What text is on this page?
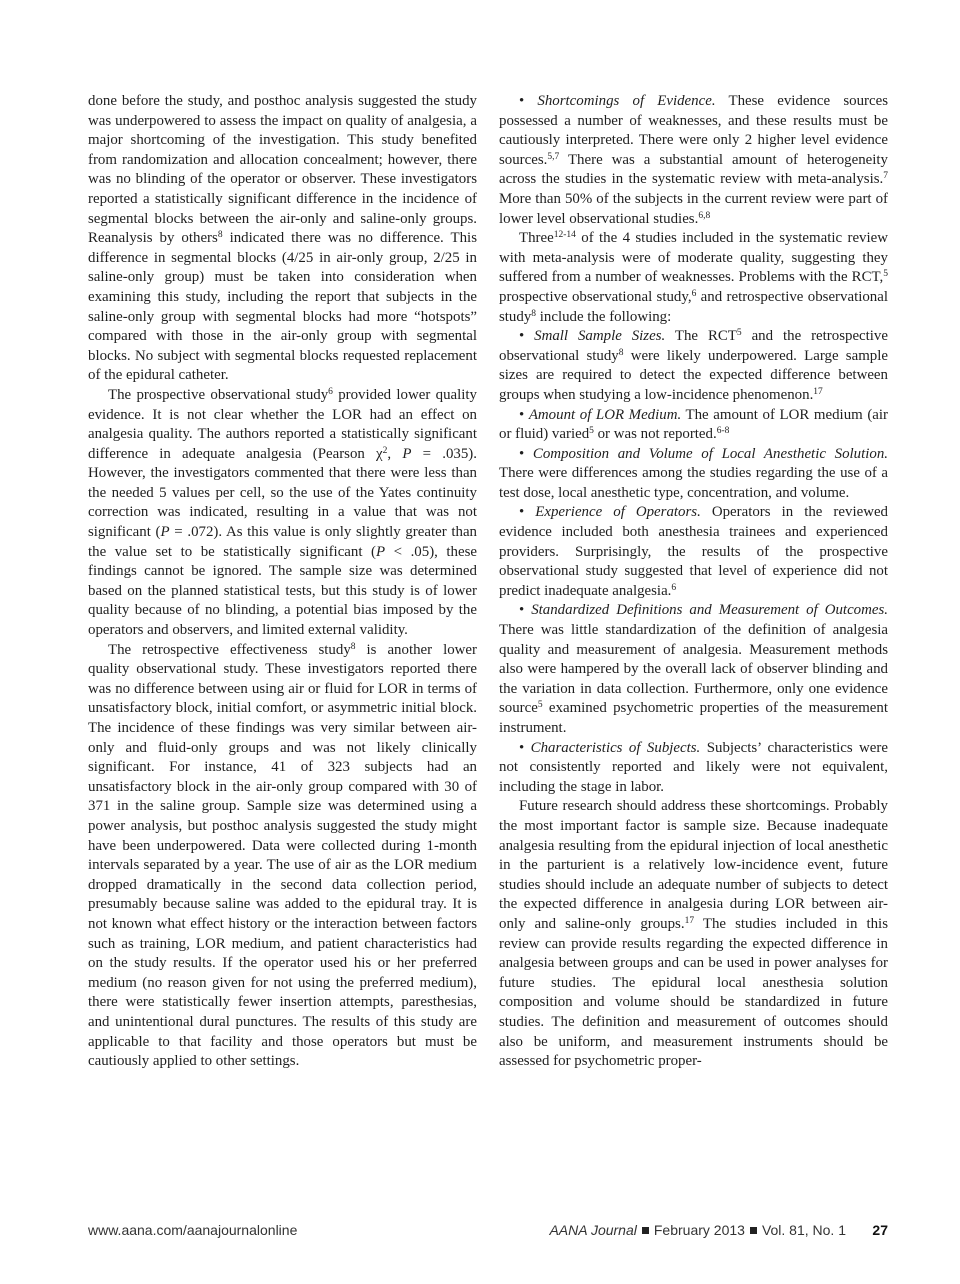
done before the study, and posthoc analysis suggested the study was underpowered to assess the impact on quality of analgesia, a major shortcoming of the investigation. This study benefited from randomization and allocation concealment; however, there was no blinding of the operator or observer. These investigators reported a statistically significant difference in the incidence of segmental blocks between the air-only and saline-only groups. Reanalysis by others$^8$ indicated there was no difference. This difference in segmental blocks (4/25 in air-only group, 2/25 in saline-only group) must be taken into consideration when examining this study, including the report that subjects in the saline-only group with segmental blocks had more “hotspots” compared with those in the air-only group with segmental blocks. No subject with segmental blocks requested replacement of the epidural catheter.

The prospective observational study$^6$ provided lower quality evidence. It is not clear whether the LOR had an effect on analgesia quality. The authors reported a statistically significant difference in adequate analgesia (Pearson $\chi^2$, P = .035). However, the investigators commented that there were less than the needed 5 values per cell, so the use of the Yates continuity correction was indicated, resulting in a value that was not significant (P = .072). As this value is only slightly greater than the value set to be statistically significant (P < .05), these findings cannot be ignored. The sample size was determined based on the planned statistical tests, but this study is of lower quality because of no blinding, a potential bias imposed by the operators and observers, and limited external validity.

The retrospective effectiveness study$^8$ is another lower quality observational study. These investigators reported there was no difference between using air or fluid for LOR in terms of unsatisfactory block, initial comfort, or asymmetric initial block. The incidence of these findings was very similar between air-only and fluid-only groups and was not likely clinically significant. For instance, 41 of 323 subjects had an unsatisfactory block in the air-only group compared with 30 of 371 in the saline group. Sample size was determined using a power analysis, but posthoc analysis suggested the study might have been underpowered. Data were collected during 1-month intervals separated by a year. The use of air as the LOR medium dropped dramatically in the second data collection period, presumably because saline was added to the epidural tray. It is not known what effect history or the interaction between factors such as training, LOR medium, and patient characteristics had on the study results. If the operator used his or her preferred medium (no reason given for not using the preferred medium), there were statistically fewer insertion attempts, paresthesias, and unintentional dural punctures. The results of this study are applicable to that facility and those operators but must be cautiously applied to other settings.

• Shortcomings of Evidence. These evidence sources possessed a number of weaknesses, and these results must be cautiously interpreted. There were only 2 higher level evidence sources.$^{5,7}$ There was a substantial amount of heterogeneity across the studies in the systematic review with meta-analysis.$^7$ More than 50% of the subjects in the current review were part of lower level observational studies.$^{6,8}$

Three$^{12-14}$ of the 4 studies included in the systematic review with meta-analysis were of moderate quality, suggesting they suffered from a number of weaknesses. Problems with the RCT,$^5$ prospective observational study,$^6$ and retrospective observational study$^8$ include the following:

• Small Sample Sizes. The RCT$^5$ and the retrospective observational study$^8$ were likely underpowered. Large sample sizes are required to detect the expected difference between groups when studying a low-incidence phenomenon.$^{17}$

• Amount of LOR Medium. The amount of LOR medium (air or fluid) varied$^5$ or was not reported.$^{6-8}$

• Composition and Volume of Local Anesthetic Solution. There were differences among the studies regarding the use of a test dose, local anesthetic type, concentration, and volume.

• Experience of Operators. Operators in the reviewed evidence included both anesthesia trainees and experienced providers. Surprisingly, the results of the prospective observational study suggested that level of experience did not predict inadequate analgesia.$^6$

• Standardized Definitions and Measurement of Outcomes. There was little standardization of the definition of analgesia quality and measurement of analgesia. Measurement methods also were hampered by the overall lack of observer blinding and the variation in data collection. Furthermore, only one evidence source$^5$ examined psychometric properties of the measurement instrument.

• Characteristics of Subjects. Subjects’ characteristics were not consistently reported and likely were not equivalent, including the stage in labor.

Future research should address these shortcomings. Probably the most important factor is sample size. Because inadequate analgesia resulting from the epidural injection of local anesthetic in the parturient is a relatively low-incidence event, future studies should include an adequate number of subjects to detect the expected difference in analgesia during LOR between air-only and saline-only groups.$^{17}$ The studies included in this review can provide results regarding the expected difference in analgesia between groups and can be used in power analyses for future studies. The epidural local anesthesia solution composition and volume should be standardized in future studies. The definition and measurement of outcomes should also be uniform, and measurement instruments should be assessed for psychometric proper-

www.aana.com/aanajournalonline	AANA Journal February 2013 Vol. 81, No. 1 27
